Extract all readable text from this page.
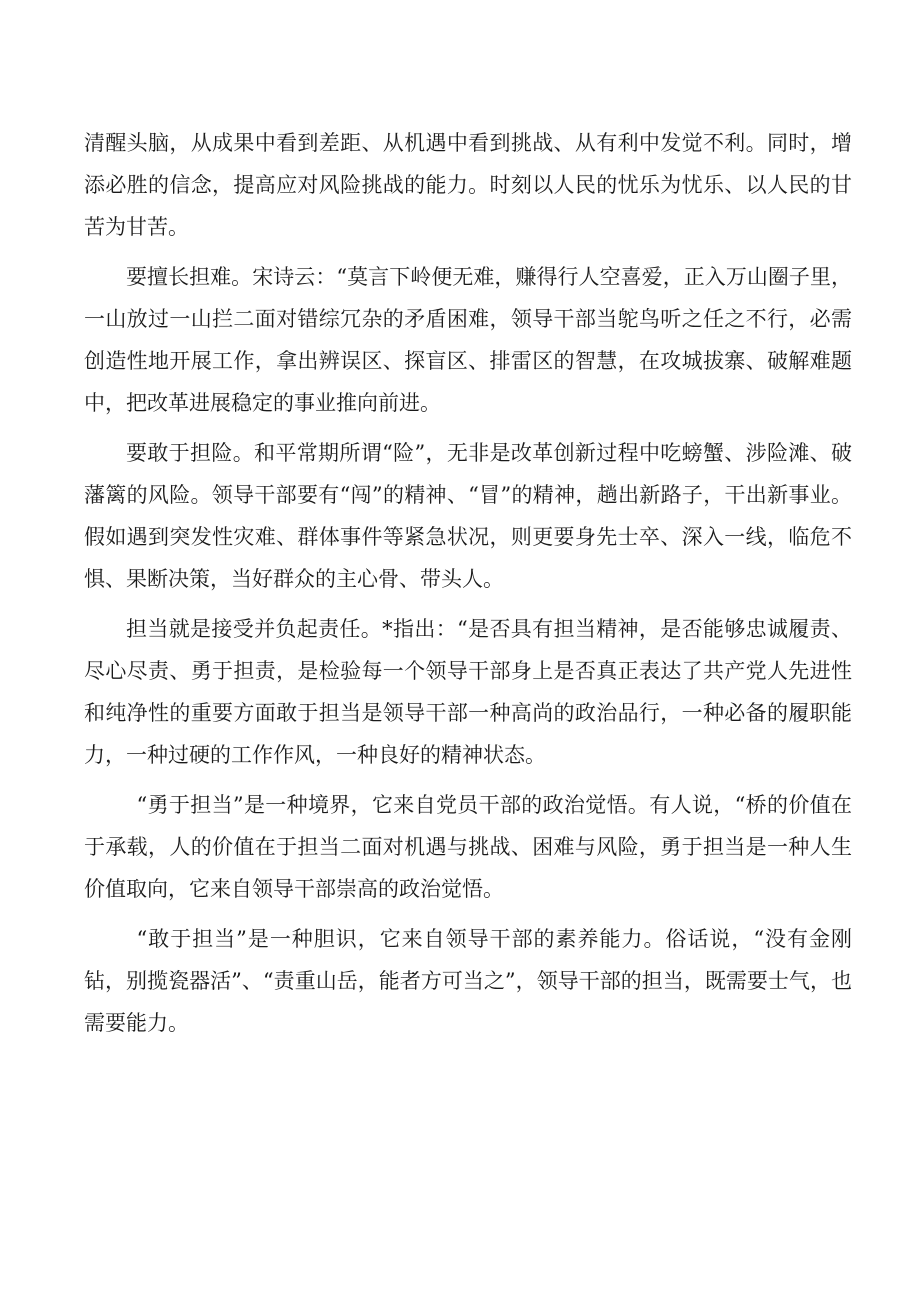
清醒头脑，从成果中看到差距、从机遇中看到挑战、从有利中发觉不利。同时，增添必胜的信念，提高应对风险挑战的能力。时刻以人民的忧乐为忧乐、以人民的甘苦为甘苦。

要擅长担难。宋诗云：“莫言下岭便无难，赚得行人空喜爱，正入万山圈子里，一山放过一山拦二面对错综冗杂的矛盾困难，领导干部当鸵鸟听之任之不行，必需创造性地开展工作，拿出辨误区、探盲区、排雷区的智慧，在攻城拔寨、破解难题中，把改革进展稳定的事业推向前进。

要敢于担险。和平常期所谓“险”，无非是改革创新过程中吃螃蟹、涉险滩、破藩篱的风险。领导干部要有“闯”的精神、“冒”的精神，趟出新路子，干出新事业。假如遇到突发性灾难、群体事件等紧急状况，则更要身先士卒、深入一线，临危不惧、果断决策，当好群众的主心骨、带头人。

担当就是接受并负起责任。*指出：“是否具有担当精神，是否能够忠诚履责、尽心尽责、勇于担责，是检验每一个领导干部身上是否真正表达了共产党人先进性和纯净性的重要方面敢于担当是领导干部一种高尚的政治品行，一种必备的履职能力，一种过硬的工作作风，一种良好的精神状态。

“勇于担当”是一种境界，它来自党员干部的政治觉悟。有人说，“桥的价值在于承载，人的价值在于担当二面对机遇与挑战、困难与风险，勇于担当是一种人生价值取向，它来自领导干部崇高的政治觉悟。

“敢于担当”是一种胆识，它来自领导干部的素养能力。俗话说，“没有金刚钻，别揽瓷器活”、“责重山岳，能者方可当之”，领导干部的担当，既需要士气，也需要能力。
